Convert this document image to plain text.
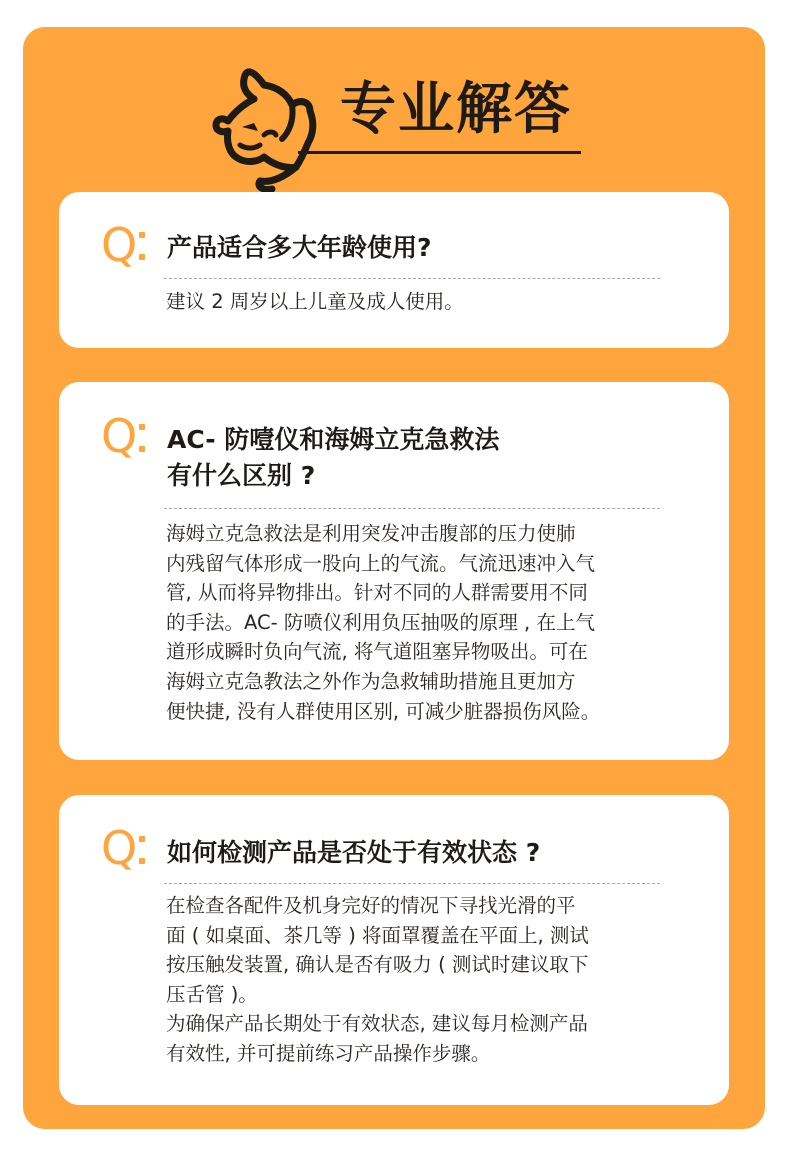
专业解答
Q 产品适合多大年龄使用?
建议 2 周岁以上儿童及成人使用。
Q AC- 防噎仪和海姆立克急救法
有什么区别 ?
海姆立克急救法是利用突发冲击腹部的压力使肺
内残留气体形成一股向上的气流。气流迅速冲入气
管, 从而将异物排出。针对不同的人群需要用不同
的手法。AC- 防喷仪利用负压抽吸的原理 , 在上气
道形成瞬时负向气流, 将气道阻塞异物吸出。可在
海姆立克急教法之外作为急救辅助措施且更加方
便快捷, 没有人群使用区别, 可减少脏器损伤风险。
Q 如何检测产品是否处于有效状态 ?
在检查各配件及机身完好的情况下寻找光滑的平
面 ( 如桌面、茶几等 ) 将面罩覆盖在平面上, 测试
按压触发装置, 确认是否有吸力 ( 测试时建议取下
压舌管 )。
为确保产品长期处于有效状态, 建议每月检测产品
有效性, 并可提前练习产品操作步骤。
